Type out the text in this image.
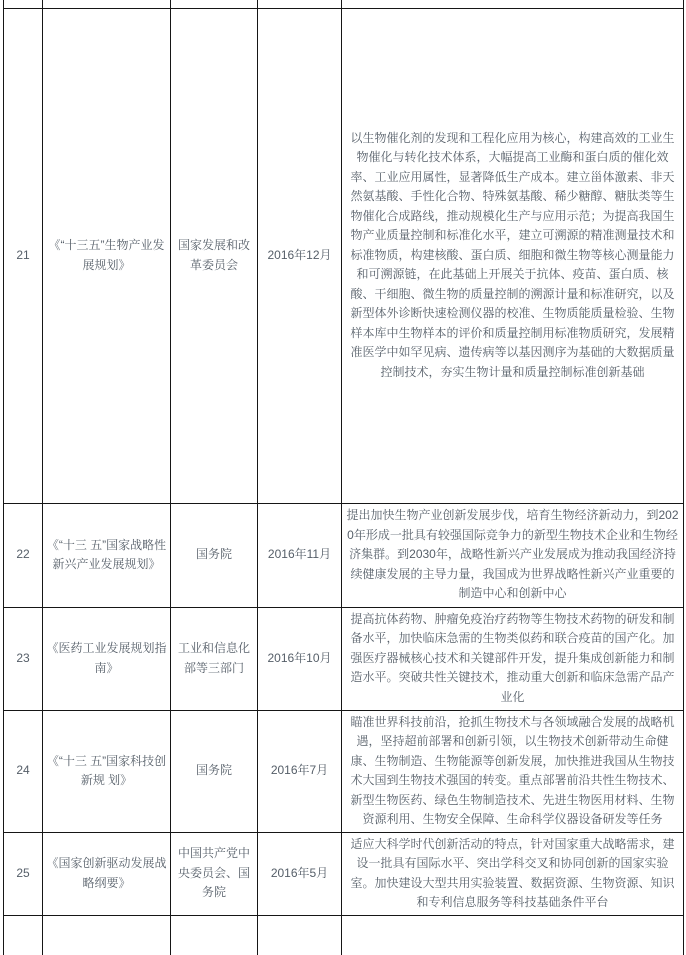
21	《“十三五”生物产业发展规划》	国家发展和改革委员会	2016年12月	以生物催化剂的发现和工程化应用为核心，构建高效的工业生物催化与转化技术体系，大幅提高工业酶和蛋白质的催化效率、工业应用属性，显著降低生产成本。建立甾体激素、非天然氨基酸、手性化合物、特殊氨基酸、稀少糖醇、糖肽类等生物催化合成路线，推动规模化生产与应用示范；为提高我国生物产业质量控制和标准化水平，建立可溯源的精准测量技术和标准物质，构建核酸、蛋白质、细胞和微生物等核心测量能力和可溯源链，在此基础上开展关于抗体、疫苗、蛋白质、核酸、干细胞、微生物的质量控制的溯源计量和标准研究，以及新型体外诊断快速检测仪器的校准、生物质能质量检验、生物样本库中生物样本的评价和质量控制用标准物质研究，发展精准医学中如罕见病、遗传病等以基因测序为基础的大数据质量控制技术，夯实生物计量和质量控制标准创新基础
22	《“十三 五”国家战略性新兴产业发展规划》	国务院	2016年11月	提出加快生物产业创新发展步伐，培育生物经济新动力，到2020年形成一批具有较强国际竞争力的新型生物技术企业和生物经济集群。到2030年，战略性新兴产业发展成为推动我国经济持续健康发展的主导力量，我国成为世界战略性新兴产业重要的制造中心和创新中心
23	《医药工业发展规划指南》	工业和信息化部等三部门	2016年10月	提高抗体药物、肿瘤免疫治疗药物等生物技术药物的研发和制备水平，加快临床急需的生物类似药和联合疫苗的国产化。加强医疗器械核心技术和关键部件开发，提升集成创新能力和制造水平。突破共性关键技术，推动重大创新和临床急需产品产业化
24	《“十三 五”国家科技创新规 划》	国务院	2016年7月	瞄准世界科技前沿，抢抓生物技术与各领域融合发展的战略机遇，坚持超前部署和创新引领，以生物技术创新带动生命健康、生物制造、生物能源等创新发展，加快推进我国从生物技术大国到生物技术强国的转变。重点部署前沿共性生物技术、新型生物医药、绿色生物制造技术、先进生物医用材料、生物资源利用、生物安全保障、生命科学仪器设备研发等任务
25	《国家创新驱动发展战略纲要》	中国共产党中央委员会、国务院	2016年5月	适应大科学时代创新活动的特点，针对国家重大战略需求，建设一批具有国际水平、突出学科交叉和协同创新的国家实验室。加快建设大型共用实验装置、数据资源、生物资源、知识和专利信息服务等科技基础条件平台
